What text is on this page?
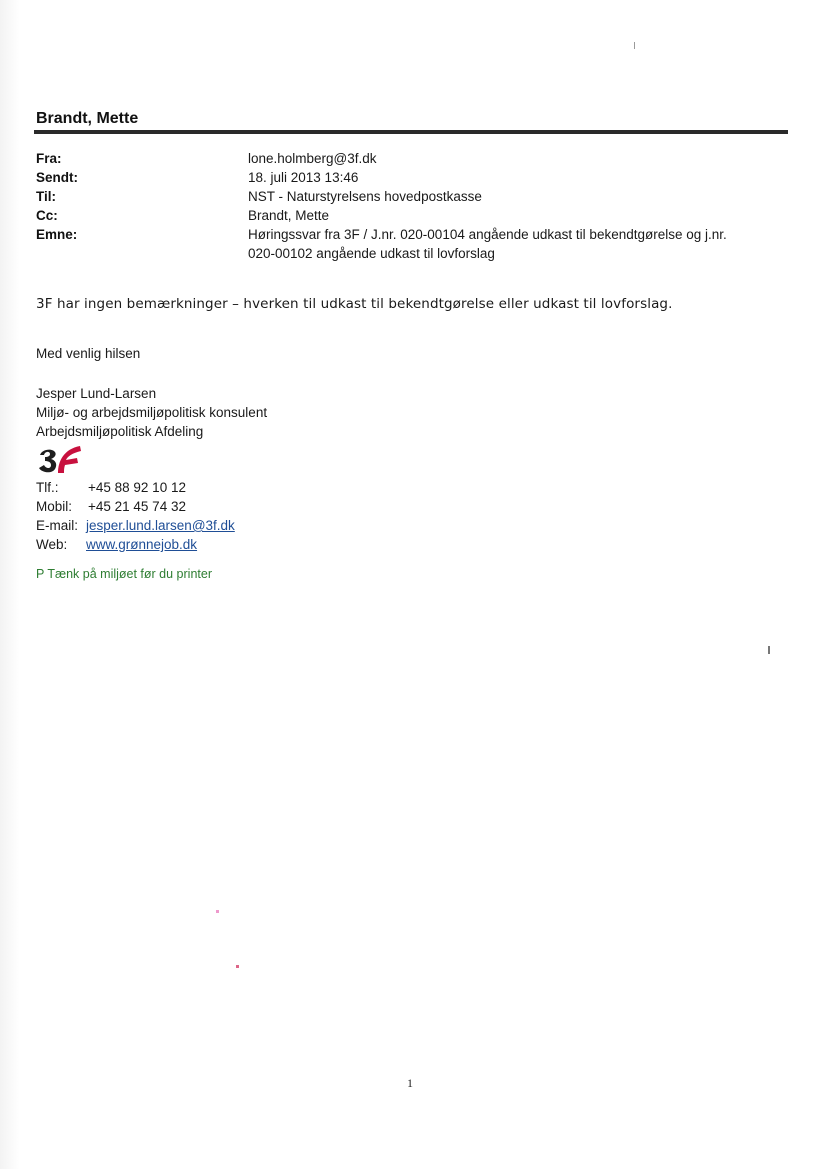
Brandt, Mette
Fra:	lone.holmberg@3f.dk
Sendt:	18. juli 2013 13:46
Til:	NST - Naturstyrelsens hovedpostkasse
Cc:	Brandt, Mette
Emne:	Høringssvar fra 3F / J.nr. 020-00104 angående udkast til bekendtgørelse og j.nr.
020-00102 angående udkast til lovforslag

3F har ingen bemærkninger – hverken til udkast til bekendtgørelse eller udkast til lovforslag.

Med venlig hilsen

Jesper Lund-Larsen
Miljø- og arbejdsmiljøpolitisk konsulent
Arbejdsmiljøpolitisk Afdeling
Tlf.:	+45 88 92 10 12
Mobil:	+45 21 45 74 32
E-mail: jesper.lund.larsen@3f.dk
Web:	www.grønnejob.dk

P Tænk på miljøet før du printer

1
